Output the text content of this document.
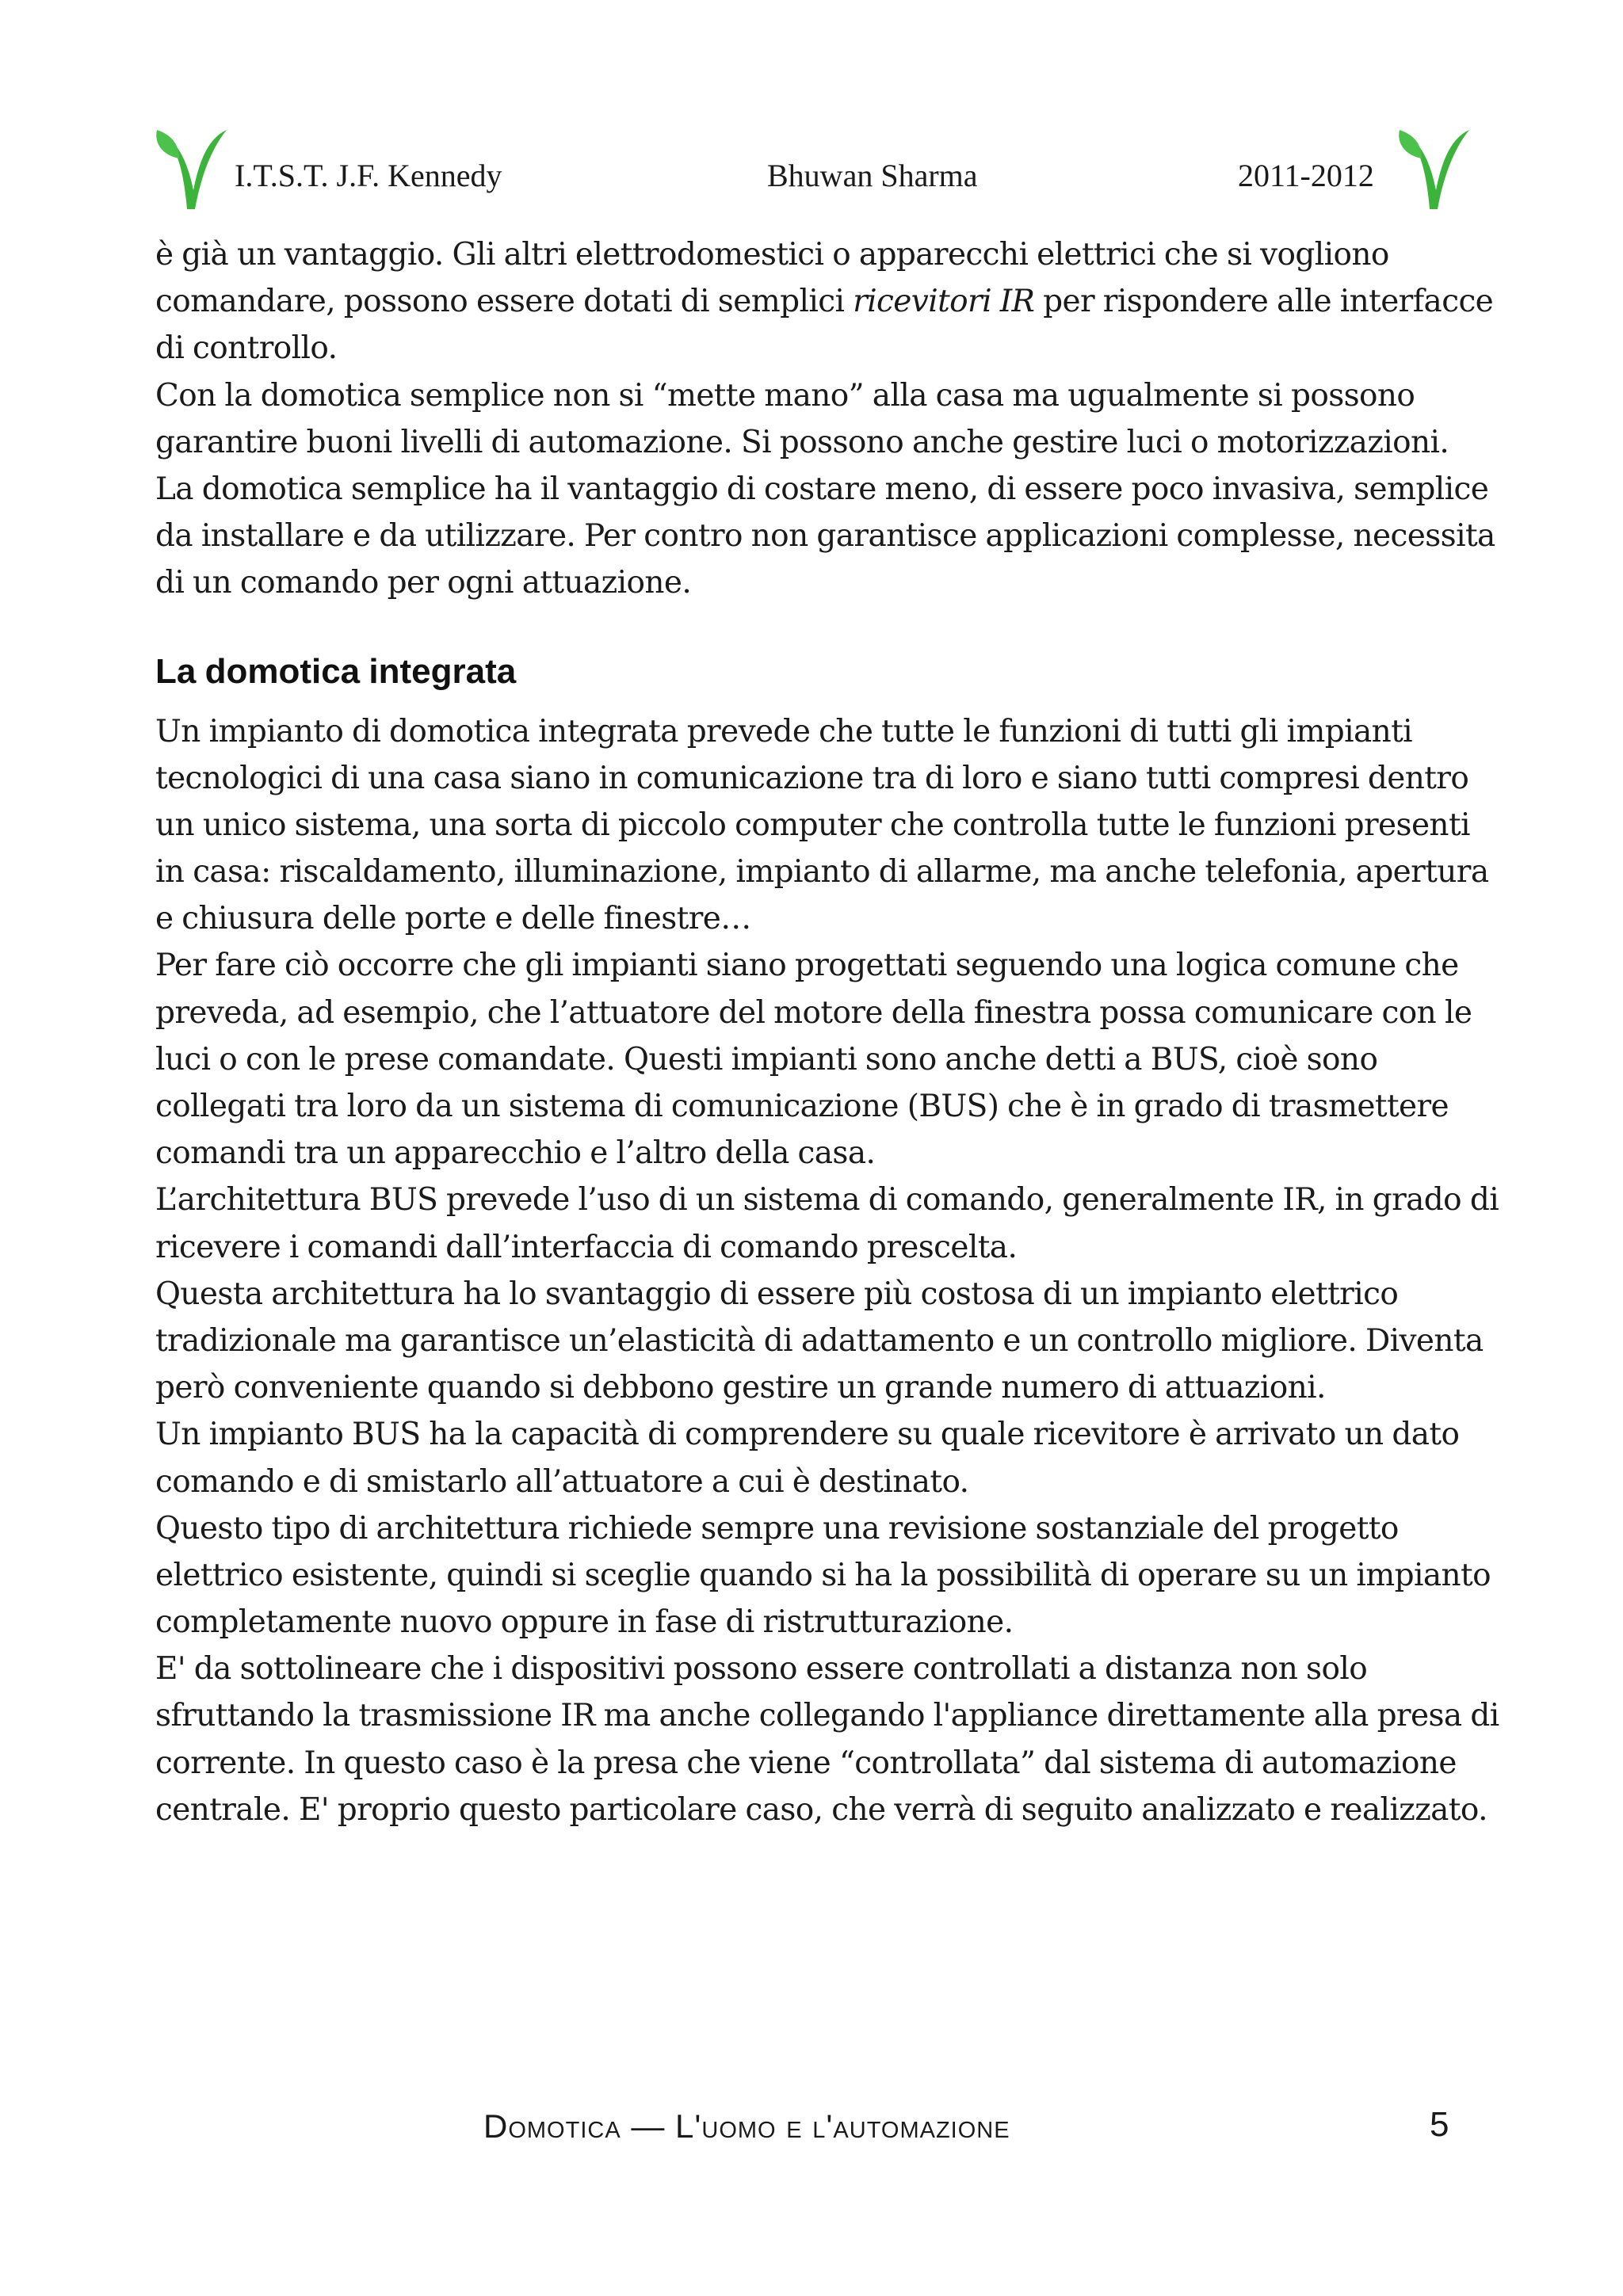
I.T.S.T. J.F. Kennedy	Bhuwan Sharma	2011-2012
è già un vantaggio. Gli altri elettrodomestici o apparecchi elettrici che si vogliono
comandare, possono essere dotati di semplici ricevitori IR per rispondere alle interfacce
di controllo.
Con la domotica semplice non si “mette mano” alla casa ma ugualmente si possono
garantire buoni livelli di automazione. Si possono anche gestire luci o motorizzazioni.
La domotica semplice ha il vantaggio di costare meno, di essere poco invasiva, semplice
da installare e da utilizzare. Per contro non garantisce applicazioni complesse, necessita
di un comando per ogni attuazione.
La domotica integrata
Un impianto di domotica integrata prevede che tutte le funzioni di tutti gli impianti
tecnologici di una casa siano in comunicazione tra di loro e siano tutti compresi dentro
un unico sistema, una sorta di piccolo computer che controlla tutte le funzioni presenti
in casa: riscaldamento, illuminazione, impianto di allarme, ma anche telefonia, apertura
e chiusura delle porte e delle finestre…
Per fare ciò occorre che gli impianti siano progettati seguendo una logica comune che
preveda, ad esempio, che l’attuatore del motore della finestra possa comunicare con le
luci o con le prese comandate. Questi impianti sono anche detti a BUS, cioè sono
collegati tra loro da un sistema di comunicazione (BUS) che è in grado di trasmettere
comandi tra un apparecchio e l’altro della casa.
L’architettura BUS prevede l’uso di un sistema di comando, generalmente IR, in grado di
ricevere i comandi dall’interfaccia di comando prescelta.
Questa architettura ha lo svantaggio di essere più costosa di un impianto elettrico
tradizionale ma garantisce un’elasticità di adattamento e un controllo migliore. Diventa
però conveniente quando si debbono gestire un grande numero di attuazioni.
Un impianto BUS ha la capacità di comprendere su quale ricevitore è arrivato un dato
comando e di smistarlo all’attuatore a cui è destinato.
Questo tipo di architettura richiede sempre una revisione sostanziale del progetto
elettrico esistente, quindi si sceglie quando si ha la possibilità di operare su un impianto
completamente nuovo oppure in fase di ristrutturazione.
E' da sottolineare che i dispositivi possono essere controllati a distanza non solo
sfruttando la trasmissione IR ma anche collegando l'appliance direttamente alla presa di
corrente. In questo caso è la presa che viene “controllata” dal sistema di automazione
centrale. E' proprio questo particolare caso, che verrà di seguito analizzato e realizzato.
Domotica — L'uomo e l'automazione	5
